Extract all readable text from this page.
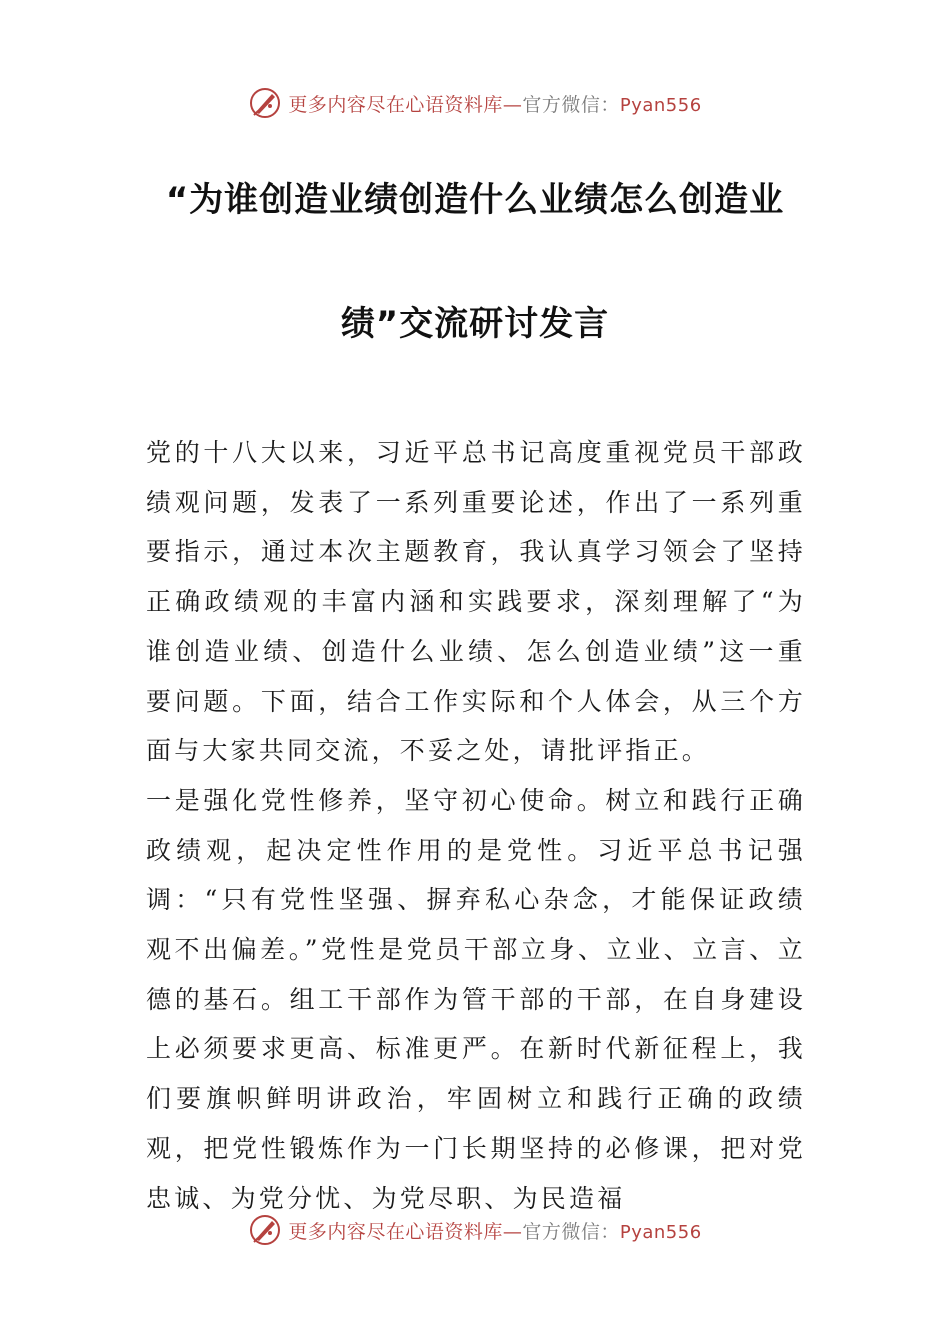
更多内容尽在心语资料库—官方微信：Pyan556
“为谁创造业绩创造什么业绩怎么创造业
绩”交流研讨发言

党的十八大以来，习近平总书记高度重视党员干部政绩观问题，发表了一系列重要论述，作出了一系列重要指示，通过本次主题教育，我认真学习领会了坚持正确政绩观的丰富内涵和实践要求，深刻理解了“为谁创造业绩、创造什么业绩、怎么创造业绩”这一重要问题。下面，结合工作实际和个人体会，从三个方面与大家共同交流，不妥之处，请批评指正。

一是强化党性修养，坚守初心使命。树立和践行正确政绩观，起决定性作用的是党性。习近平总书记强调：“只有党性坚强、摒弃私心杂念，才能保证政绩观不出偏差。”党性是党员干部立身、立业、立言、立德的基石。组工干部作为管干部的干部，在自身建设上必须要求更高、标准更严。在新时代新征程上，我们要旗帜鲜明讲政治，牢固树立和践行正确的政绩观，把党性锻炼作为一门长期坚持的必修课，把对党忠诚、为党分忧、为党尽职、为民造福

更多内容尽在心语资料库—官方微信：Pyan556
